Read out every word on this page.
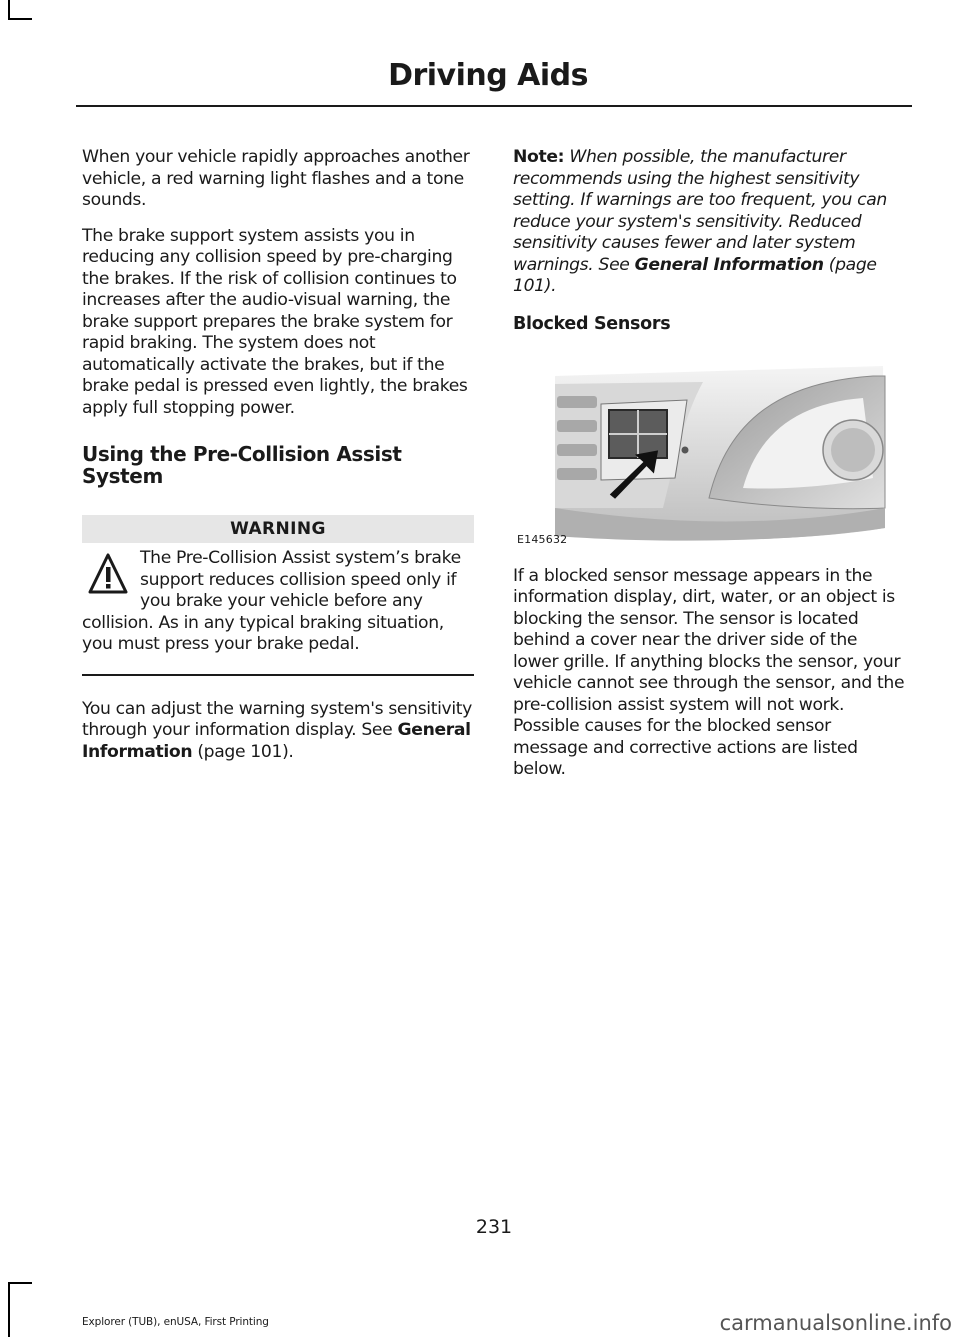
Driving Aids

When your vehicle rapidly approaches another vehicle, a red warning light flashes and a tone sounds.

The brake support system assists you in reducing any collision speed by pre-charging the brakes. If the risk of collision continues to increases after the audio-visual warning, the brake support prepares the brake system for rapid braking. The system does not automatically activate the brakes, but if the brake pedal is pressed even lightly, the brakes apply full stopping power.

Using the Pre-Collision Assist System
WARNING
The Pre-Collision Assist system’s brake support reduces collision speed only if you brake your vehicle before any collision. As in any typical braking situation, you must press your brake pedal.

You can adjust the warning system's sensitivity through your information display. See General Information (page 101).

Note: When possible, the manufacturer recommends using the highest sensitivity setting. If warnings are too frequent, you can reduce your system's sensitivity. Reduced sensitivity causes fewer and later system warnings. See General Information (page 101).

Blocked Sensors
E145632

If a blocked sensor message appears in the information display, dirt, water, or an object is blocking the sensor. The sensor is located behind a cover near the driver side of the lower grille. If anything blocks the sensor, your vehicle cannot see through the sensor, and the pre-collision assist system will not work. Possible causes for the blocked sensor message and corrective actions are listed below.

231
Explorer (TUB), enUSA, First Printing	carmanualsonline.info
